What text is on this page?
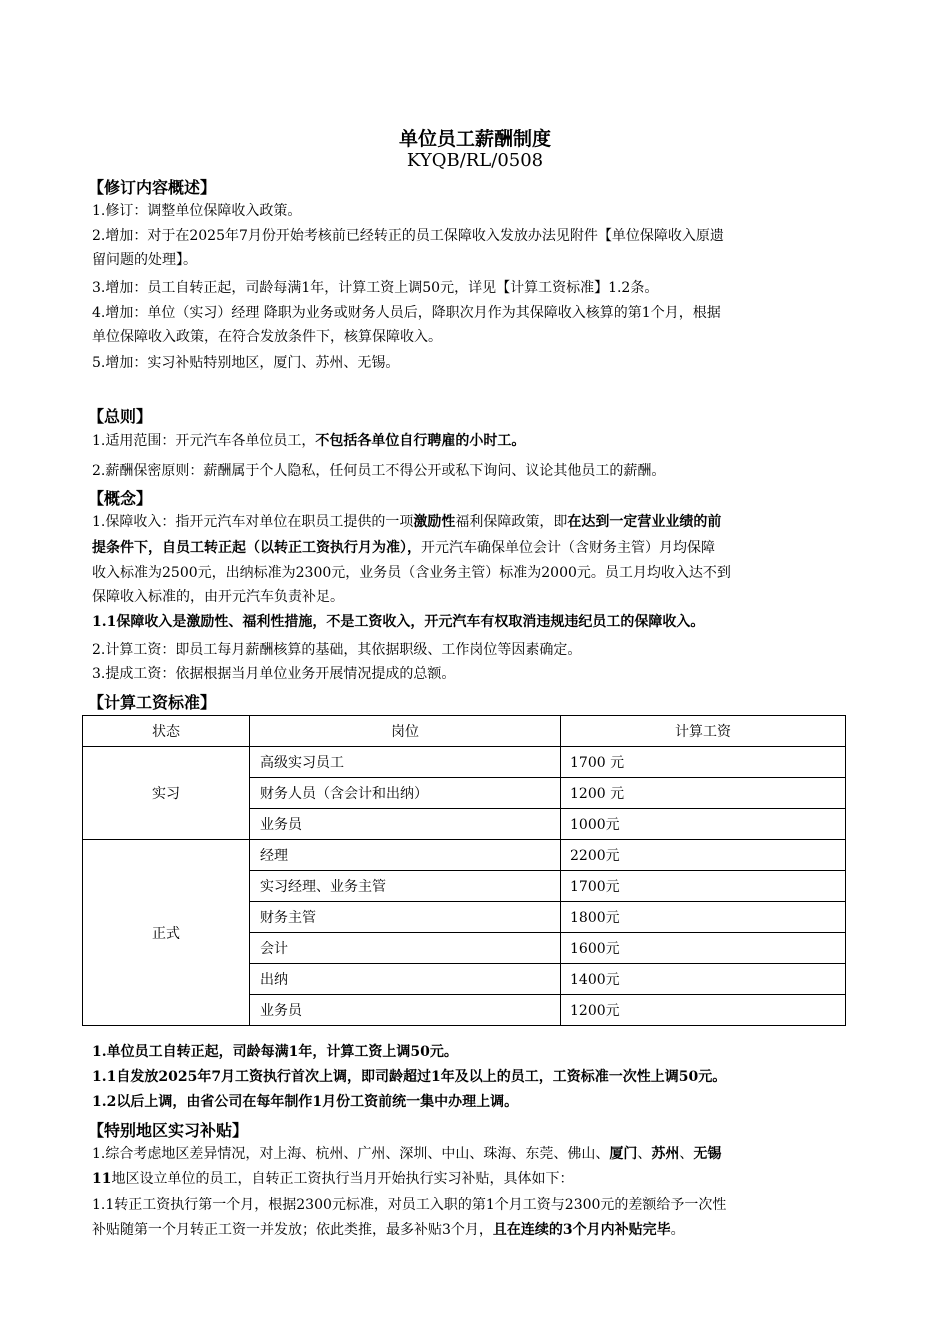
单位员工薪酬制度
KYQB/RL/0508
【修订内容概述】
1.修订：调整单位保障收入政策。
2.增加：对于在2025年7月份开始考核前已经转正的员工保障收入发放办法见附件【单位保障收入原遗
留问题的处理】。
3.增加：员工自转正起，司龄每满1年，计算工资上调50元，详见【计算工资标准】1.2条。
4.增加：单位（实习）经理 降职为业务或财务人员后，降职次月作为其保障收入核算的第1个月，根据
单位保障收入政策，在符合发放条件下，核算保障收入。
5.增加：实习补贴特别地区，厦门、苏州、无锡。
【总则】
1.适用范围：开元汽车各单位员工，不包括各单位自行聘雇的小时工。
2.薪酬保密原则：薪酬属于个人隐私，任何员工不得公开或私下询问、议论其他员工的薪酬。
【概念】
1.保障收入：指开元汽车对单位在职员工提供的一项激励性福利保障政策，即在达到一定营业业绩的前
提条件下，自员工转正起（以转正工资执行月为准），开元汽车确保单位会计（含财务主管）月均保障
收入标准为2500元，出纳标准为2300元，业务员（含业务主管）标准为2000元。员工月均收入达不到
保障收入标准的，由开元汽车负责补足。
1.1保障收入是激励性、福利性措施，不是工资收入，开元汽车有权取消违规违纪员工的保障收入。
2.计算工资：即员工每月薪酬核算的基础，其依据职级、工作岗位等因素确定。
3.提成工资：依据根据当月单位业务开展情况提成的总额。
【计算工资标准】
状态	岗位	计算工资
实习	高级实习员工	1700 元
	财务人员（含会计和出纳）	1200 元
	业务员	1000元
正式	经理	2200元
	实习经理、业务主管	1700元
	财务主管	1800元
	会计	1600元
	出纳	1400元
	业务员	1200元
1.单位员工自转正起，司龄每满1年，计算工资上调50元。
1.1自发放2025年7月工资执行首次上调，即司龄超过1年及以上的员工，工资标准一次性上调50元。
1.2以后上调，由省公司在每年制作1月份工资前统一集中办理上调。
【特别地区实习补贴】
1.综合考虑地区差异情况，对上海、杭州、广州、深圳、中山、珠海、东莞、佛山、厦门、苏州、无锡
11地区设立单位的员工，自转正工资执行当月开始执行实习补贴，具体如下：
1.1转正工资执行第一个月，根据2300元标准，对员工入职的第1个月工资与2300元的差额给予一次性
补贴随第一个月转正工资一并发放；依此类推，最多补贴3个月，且在连续的3个月内补贴完毕。
